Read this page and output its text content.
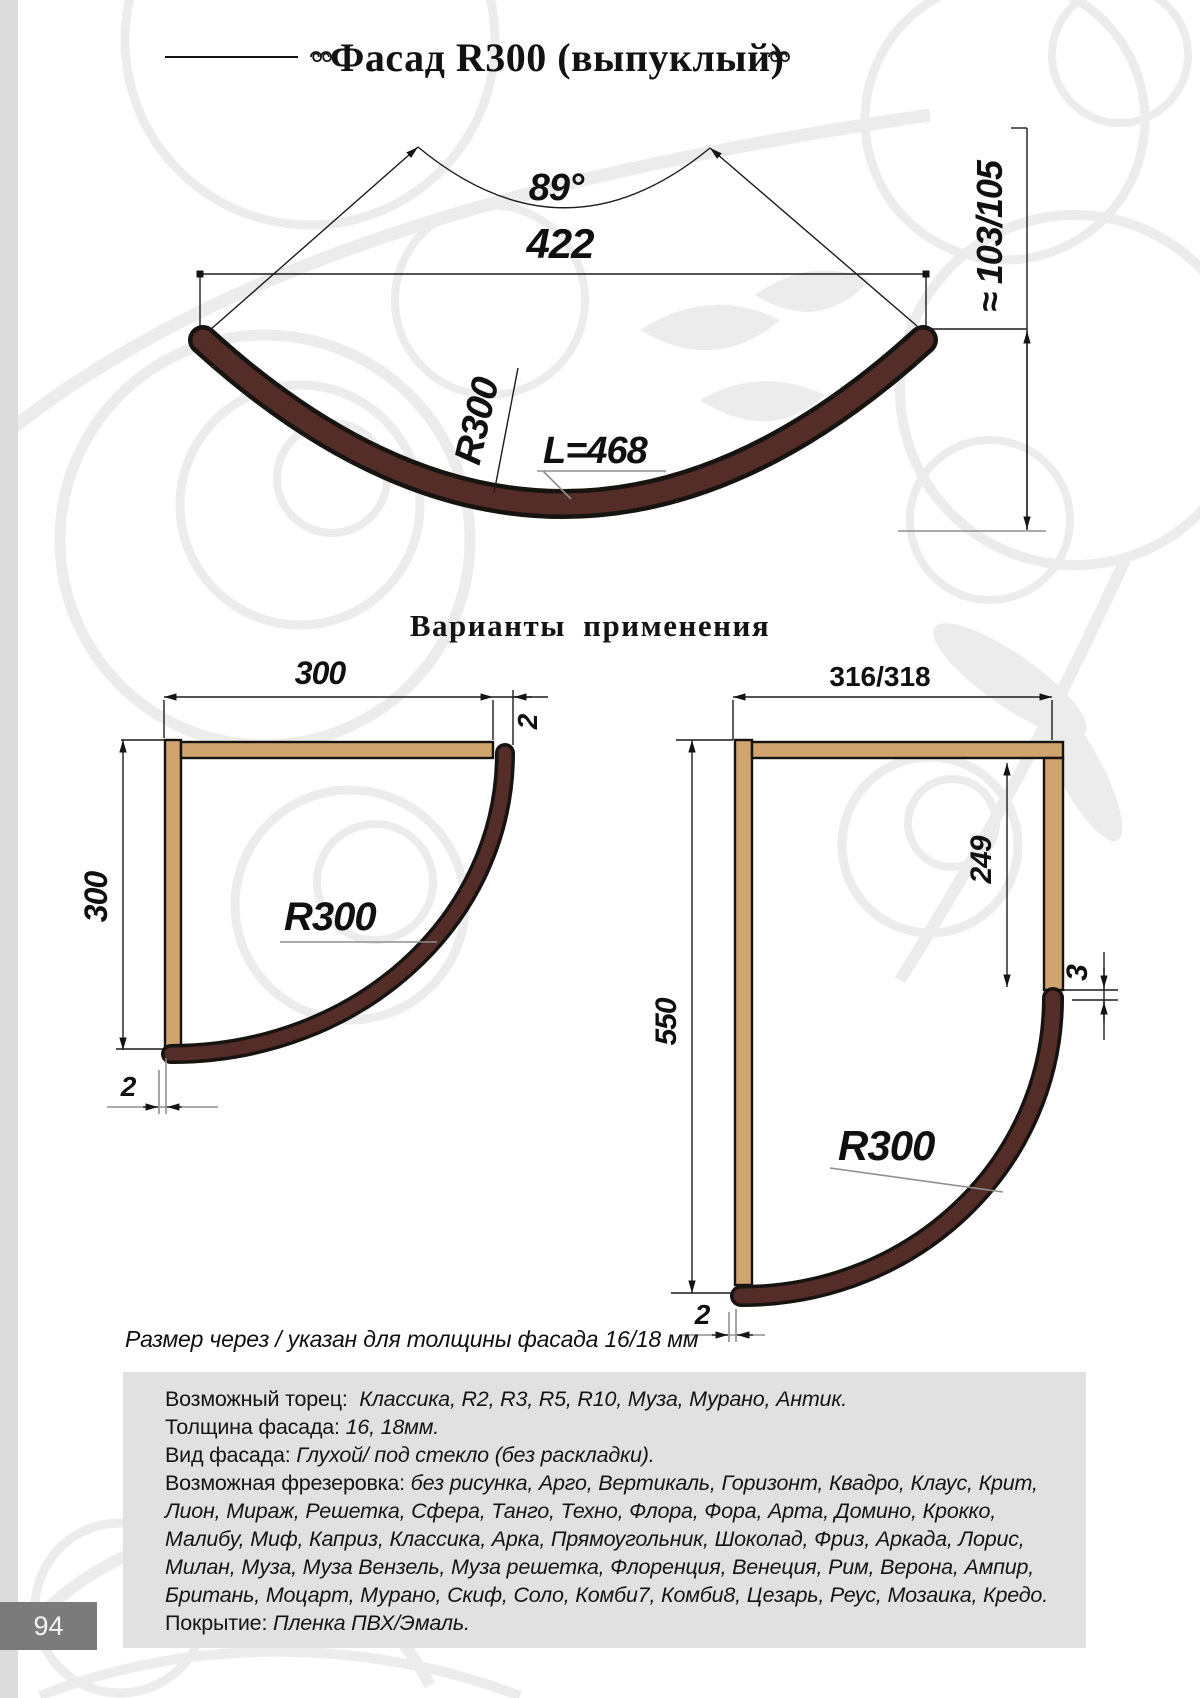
89°
422
R300 L=468
≈ 103/105
300
2
300	R300
2
316/318
550
249
3
R300
2
Фасад R300 (выпуклый)
Варианты применения
Размер через / указан для толщины фасада 16/18 мм

Возможный торец: Классика, R2, R3, R5, R10, Муза, Мурано, Антик.

Толщина фасада: 16, 18мм.

Вид фасада: Глухой/ под стекло (без раскладки).

Возможная фрезеровка: без рисунка, Арго, Вертикаль, Горизонт, Квадро, Клаус, Крит, Лион, Мираж, Решетка, Сфера, Танго, Техно, Флора, Фора, Арта, Домино, Крокко, Малибу, Миф, Каприз, Классика, Арка, Прямоугольник, Шоколад, Фриз, Аркада, Лорис, Милан, Муза, Муза Вензель, Муза решетка, Флоренция, Венеция, Рим, Верона, Ампир, Британь, Моцарт, Мурано, Скиф, Соло, Комби7, Комби8, Цезарь, Реус, Мозаика, Кредо.

Покрытие: Пленка ПВХ/Эмаль.

94
